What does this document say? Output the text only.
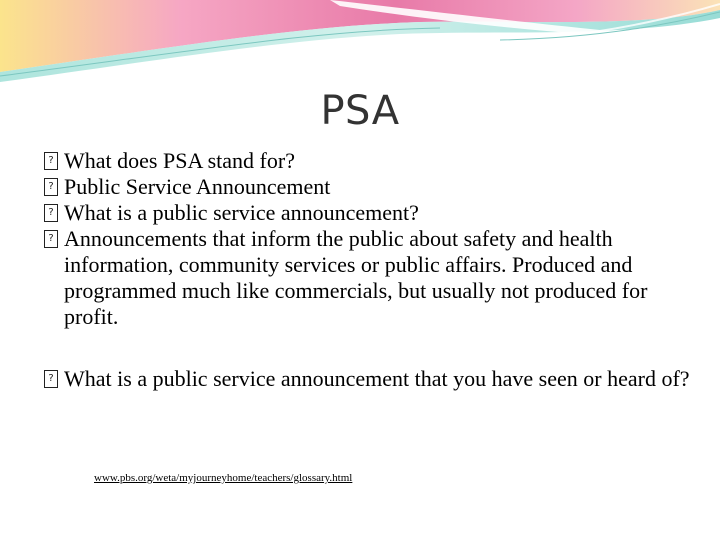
PSA
? What does PSA stand for?
? Public Service Announcement
? What is a public service announcement?
? Announcements that inform the public about safety and health information, community services or public affairs. Produced and programmed much like commercials, but usually not produced for profit.
? What is a public service announcement that you have seen or heard of?
www.pbs.org/weta/myjourneyhome/teachers/glossary.html
